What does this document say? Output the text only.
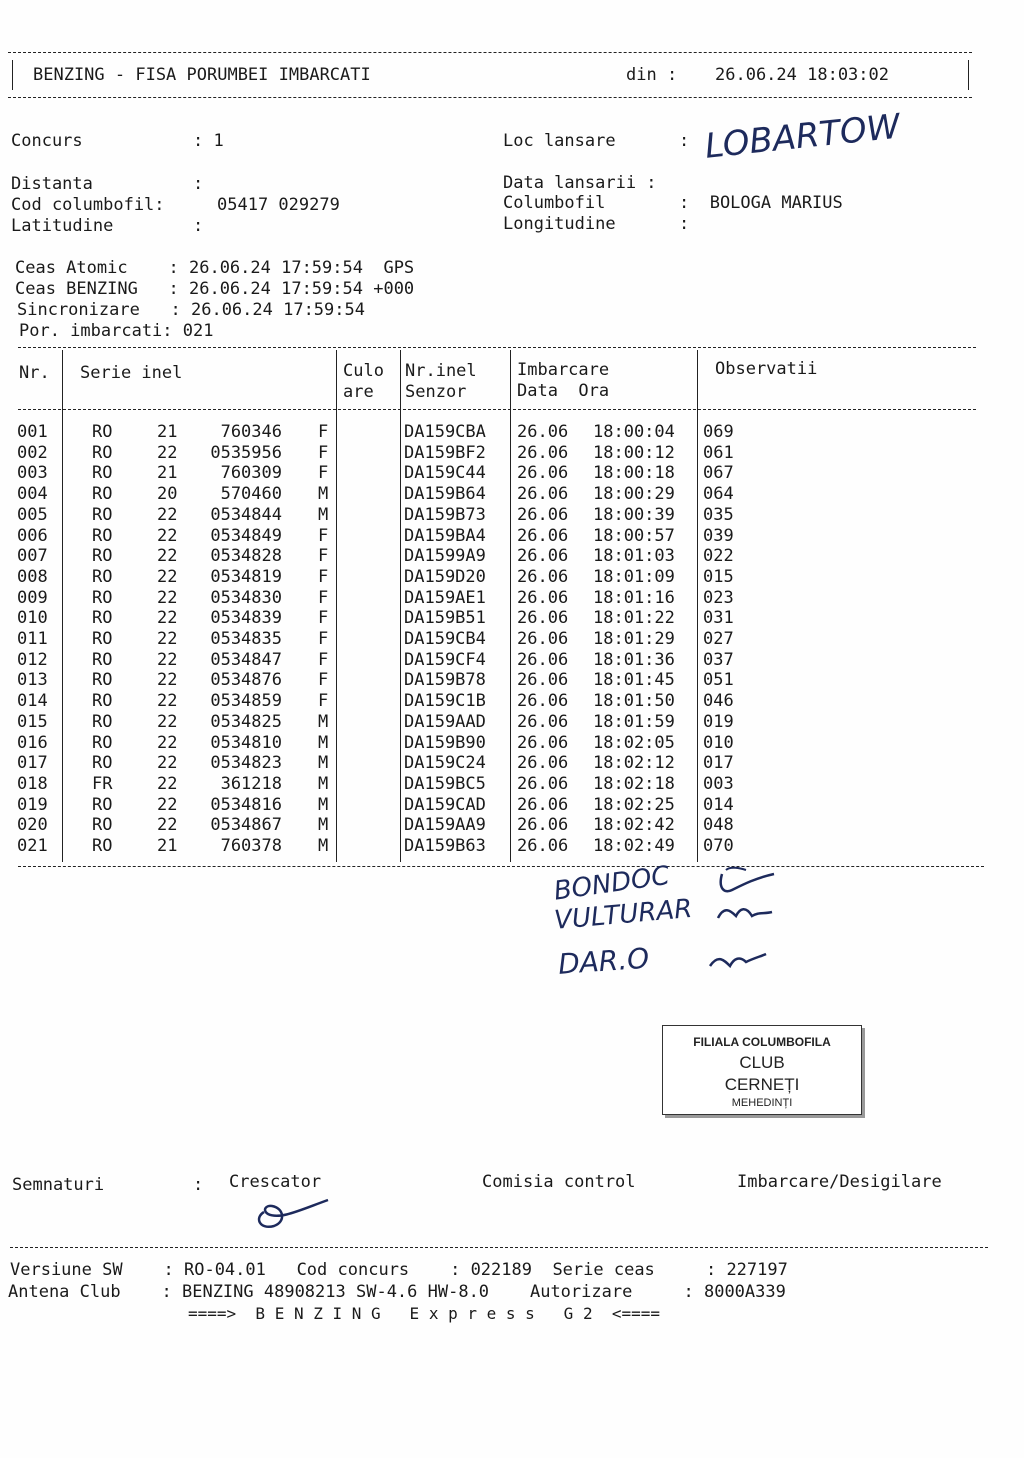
BENZING - FISA PORUMBEI IMBARCATI	din : 26.06.24 18:03:02
Concurs	: 1	Loc lansare	: LOBARTOW
Distanta	:	Data lansarii :
Cod columbofil:	05417 029279	Columbofil	:  BOLOGA MARIUS
Latitudine	:	Longitudine	:
Ceas Atomic    : 26.06.24 17:59:54  GPS
Ceas BENZING   : 26.06.24 17:59:54 +000
Sincronizare   : 26.06.24 17:59:54
Por. imbarcati: 021
Nr. Serie inel	Culo
are
Nr.inel
Senzor
Imbarcare
Data  Ora
Observatii
001	RO	21	760346 F	DA159CBA 26.06 18:00:04 069
002	RO	22 0535956 F	DA159BF2 26.06 18:00:12 061
003	RO	21	760309 F	DA159C44 26.06 18:00:18 067
004	RO	20	570460 M	DA159B64 26.06 18:00:29 064
005	RO	22 0534844 M	DA159B73 26.06 18:00:39 035
006	RO	22 0534849 F	DA159BA4 26.06 18:00:57 039
007	RO	22 0534828 F	DA1599A9 26.06 18:01:03 022
008	RO	22 0534819 F	DA159D20 26.06 18:01:09 015
009	RO	22 0534830 F	DA159AE1 26.06 18:01:16 023
010	RO	22 0534839 F	DA159B51 26.06 18:01:22 031
011	RO	22 0534835 F	DA159CB4 26.06 18:01:29 027
012	RO	22 0534847 F	DA159CF4 26.06 18:01:36 037
013	RO	22 0534876 F	DA159B78 26.06 18:01:45 051
014	RO	22 0534859 F	DA159C1B 26.06 18:01:50 046
015	RO	22 0534825 M	DA159AAD 26.06 18:01:59 019
016	RO	22 0534810 M	DA159B90 26.06 18:02:05 010
017	RO	22 0534823 M	DA159C24 26.06 18:02:12 017
018	FR	22	361218 M	DA159BC5 26.06 18:02:18 003
019	RO	22 0534816 M	DA159CAD 26.06 18:02:25 014
020	RO	22 0534867 M	DA159AA9 26.06 18:02:42 048
021	RO	21	760378 M	DA159B63 26.06 18:02:49 070
BONDOC
VULTURAR
DAR.O
FILIALA COLUMBOFILA
CLUB
CERNEȚI
MEHEDINȚI
Semnaturi	: Crescator	Comisia control	Imbarcare/Desigilare
Versiune SW    : RO-04.01   Cod concurs    : 022189  Serie ceas     : 227197
Antena Club    : BENZING 48908213 SW-4.6 HW-8.0    Autorizare     : 8000A339
====>  B E N Z I N G   E x p r e s s   G 2  <====
